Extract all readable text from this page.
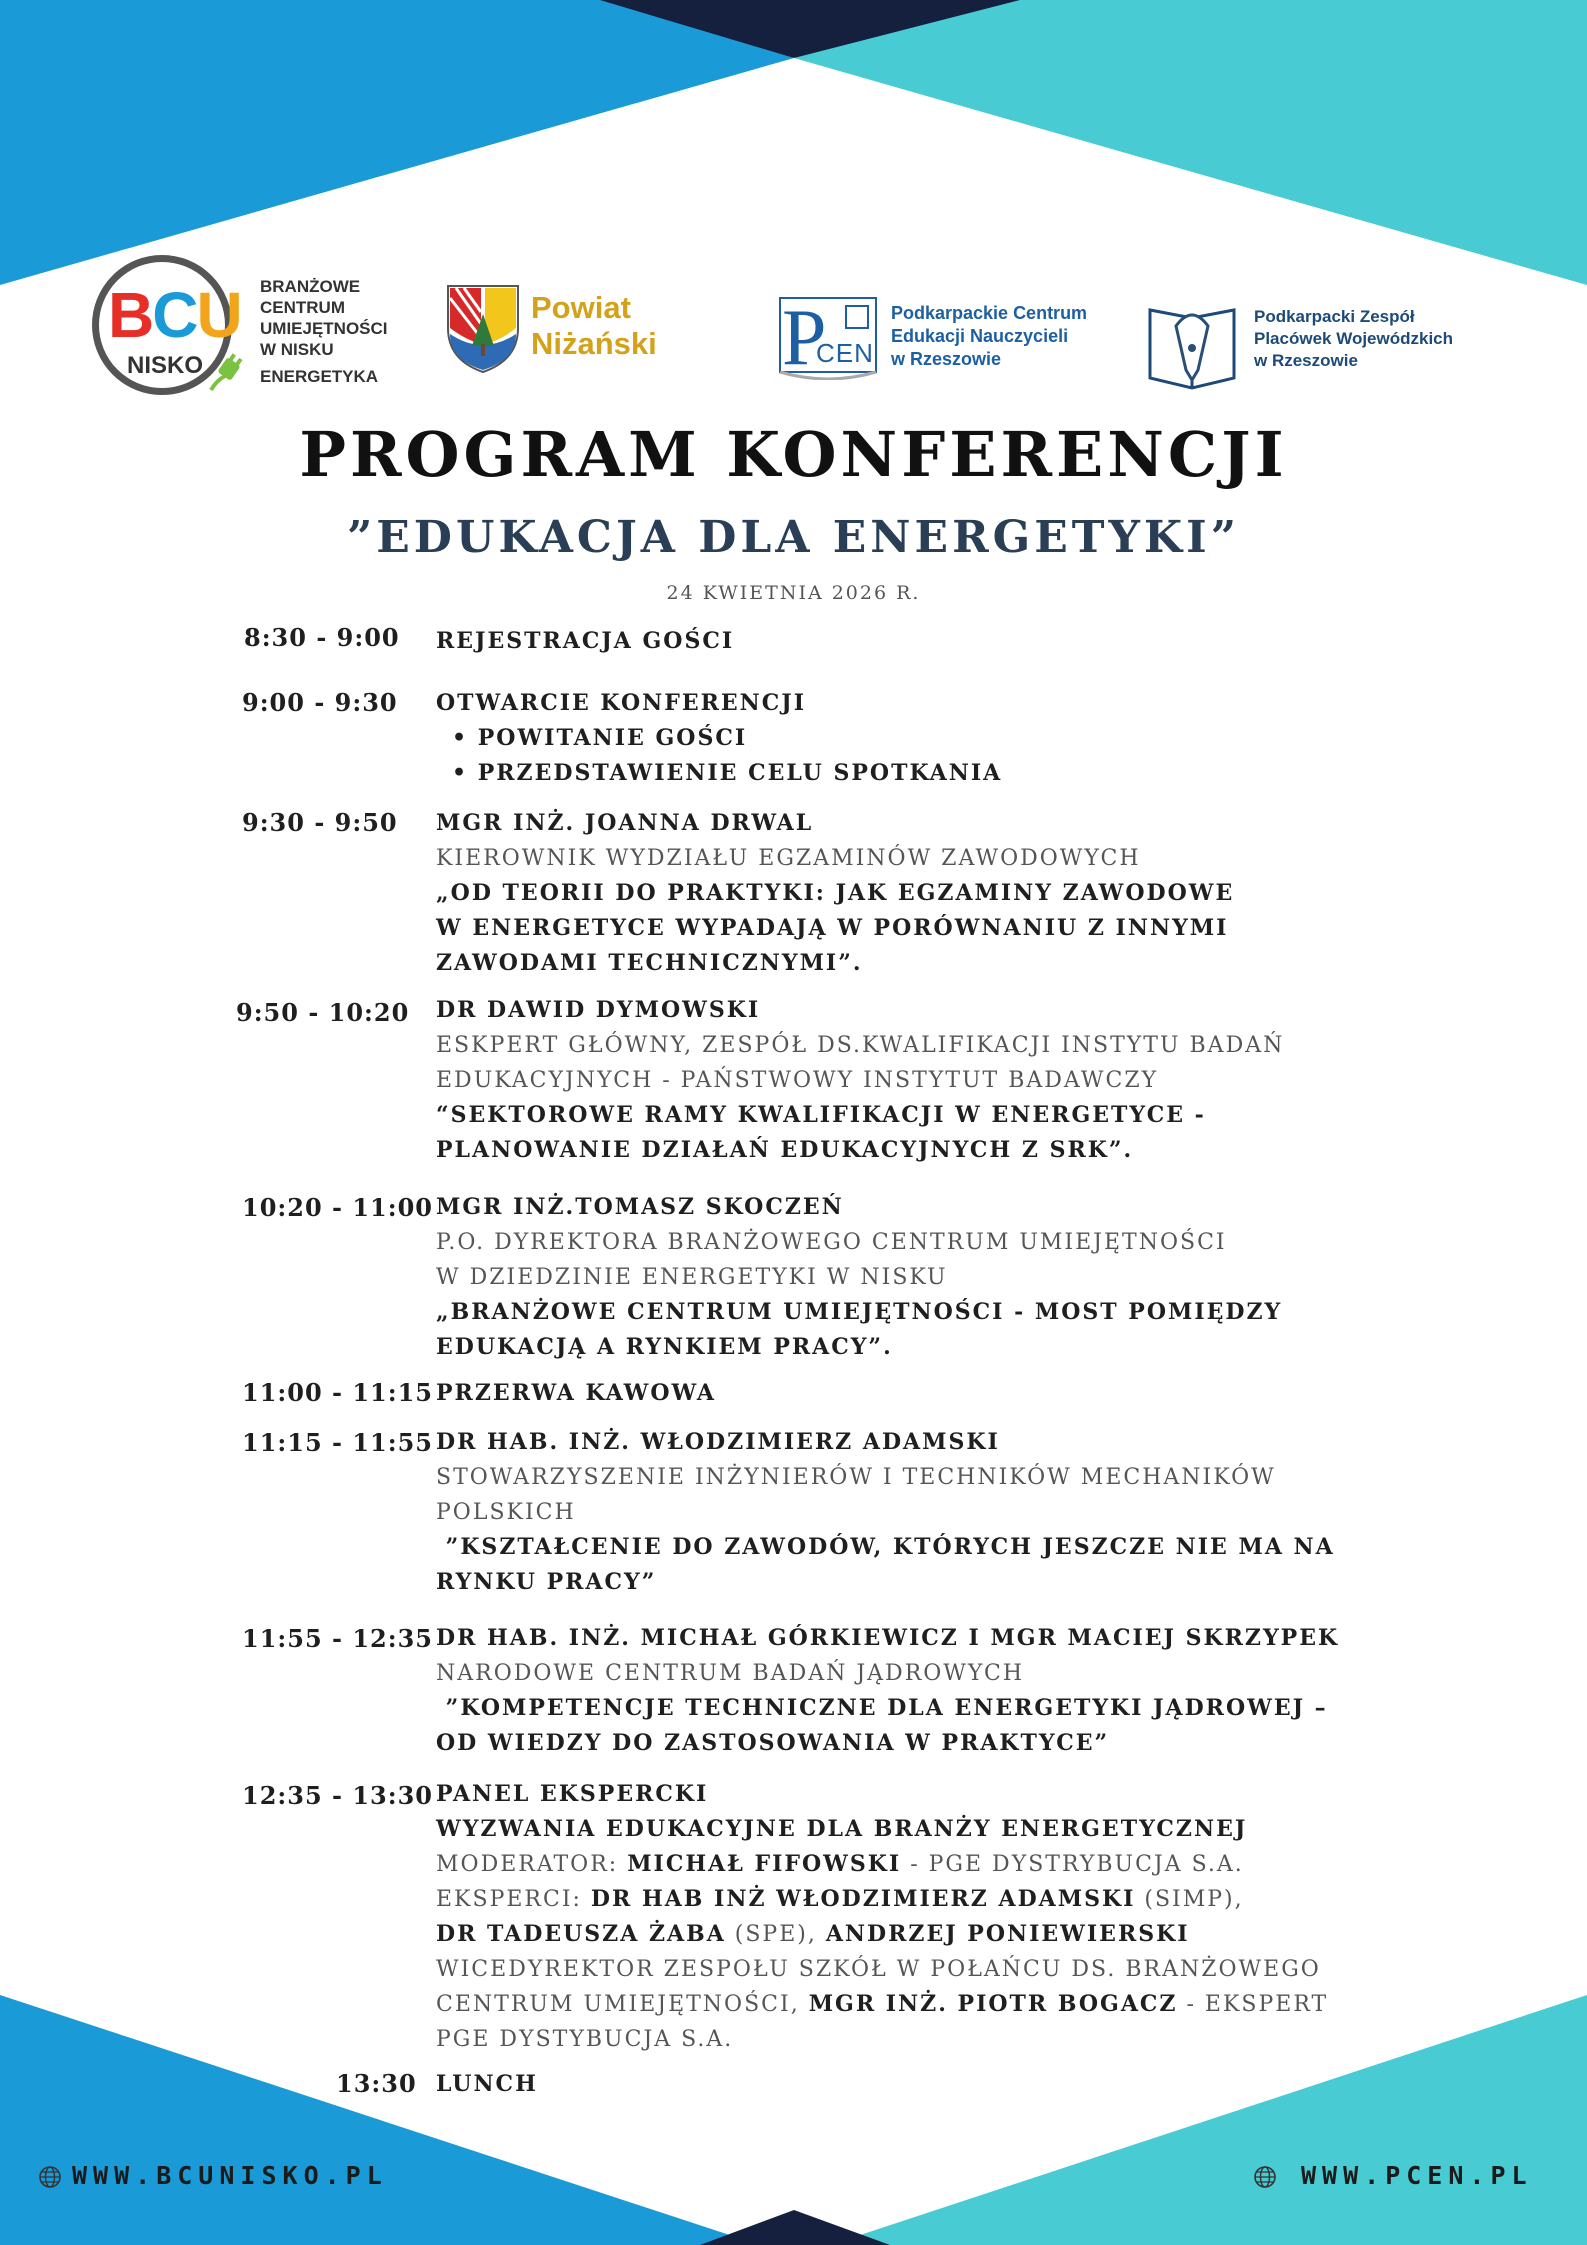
BCU
NISKO
BRANŻOWE
CENTRUM
UMIEJĘTNOŚCI
W NISKU
ENERGETYKA
Powiat
Niżański P
CEN
Podkarpackie Centrum
Edukacji Nauczycieli
w Rzeszowie
Podkarpacki Zespół
Placówek Wojewódzkich
w Rzeszowie
PROGRAM KONFERENCJI
”EDUKACJA DLA ENERGETYKI”
24 KWIETNIA 2026 R.
8:30 - 9:00 REJESTRACJA GOŚCI
9:00 - 9:30 OTWARCIE KONFERENCJI
• POWITANIE GOŚCI
• PRZEDSTAWIENIE CELU SPOTKANIA
9:30 - 9:50 MGR INŻ. JOANNA DRWAL
KIEROWNIK WYDZIAŁU EGZAMINÓW ZAWODOWYCH
„OD TEORII DO PRAKTYKI: JAK EGZAMINY ZAWODOWE
W ENERGETYCE WYPADAJĄ W PORÓWNANIU Z INNYMI
ZAWODAMI TECHNICZNYMI”.
9:50 - 10:20 DR DAWID DYMOWSKI
ESKPERT GŁÓWNY, ZESPÓŁ DS.KWALIFIKACJI INSTYTU BADAŃ
EDUKACYJNYCH - PAŃSTWOWY INSTYTUT BADAWCZY
“SEKTOROWE RAMY KWALIFIKACJI W ENERGETYCE -
PLANOWANIE DZIAŁAŃ EDUKACYJNYCH Z SRK”.
10:20 - 11:00 MGR INŻ.TOMASZ SKOCZEŃ
P.O. DYREKTORA BRANŻOWEGO CENTRUM UMIEJĘTNOŚCI
W DZIEDZINIE ENERGETYKI W NISKU
„BRANŻOWE CENTRUM UMIEJĘTNOŚCI - MOST POMIĘDZY
EDUKACJĄ A RYNKIEM PRACY”.
11:00 - 11:15 PRZERWA KAWOWA
11:15 - 11:55 DR HAB. INŻ. WŁODZIMIERZ ADAMSKI
STOWARZYSZENIE INŻYNIERÓW I TECHNIKÓW MECHANIKÓW
POLSKICH
”KSZTAŁCENIE DO ZAWODÓW, KTÓRYCH JESZCZE NIE MA NA
RYNKU PRACY”
11:55 - 12:35 DR HAB. INŻ. MICHAŁ GÓRKIEWICZ I MGR MACIEJ SKRZYPEK
NARODOWE CENTRUM BADAŃ JĄDROWYCH
”KOMPETENCJE TECHNICZNE DLA ENERGETYKI JĄDROWEJ –
OD WIEDZY DO ZASTOSOWANIA W PRAKTYCE”
12:35 - 13:30 PANEL EKSPERCKI
WYZWANIA EDUKACYJNE DLA BRANŻY ENERGETYCZNEJ
MODERATOR: MICHAŁ FIFOWSKI - PGE DYSTRYBUCJA S.A.
EKSPERCI: DR HAB INŻ WŁODZIMIERZ ADAMSKI (SIMP),
DR TADEUSZA ŻABA (SPE), ANDRZEJ PONIEWIERSKI
WICEDYREKTOR ZESPOŁU SZKÓŁ W POŁAŃCU DS. BRANŻOWEGO
CENTRUM UMIEJĘTNOŚCI, MGR INŻ. PIOTR BOGACZ - EKSPERT
PGE DYSTYBUCJA S.A.
13:30 LUNCH
WWW.BCUNISKO.PL	WWW.PCEN.PL
